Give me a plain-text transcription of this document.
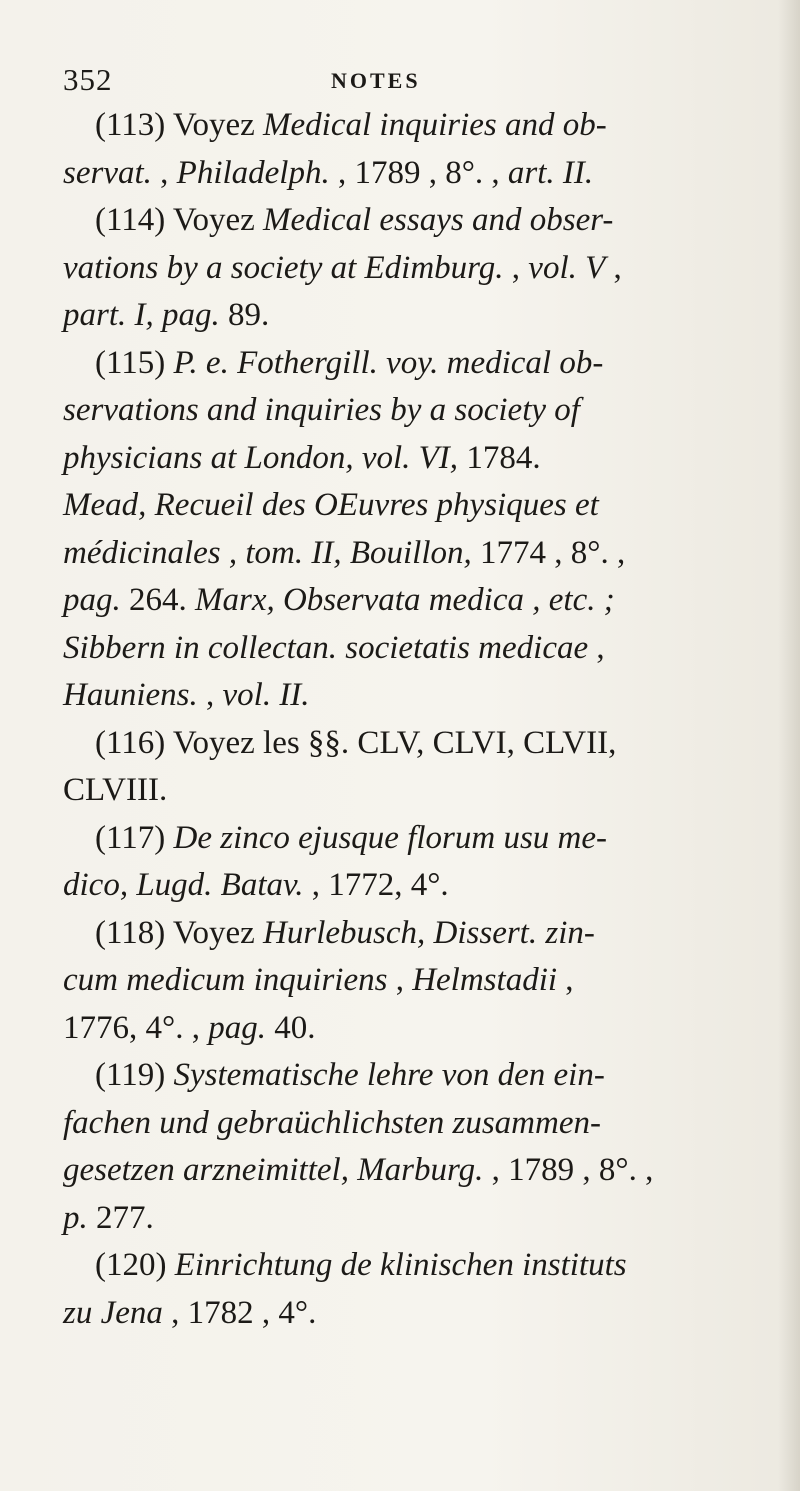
352	NOTES
(113) Voyez Medical inquiries and ob-
servat. , Philadelph. , 1789 , 8°. , art. II.
(114) Voyez Medical essays and obser-
vations by a society at Edimburg. , vol. V ,
part. I, pag. 89.
(115) P. e. Fothergill. voy. medical ob-
servations and inquiries by a society of
physicians at London, vol. VI, 1784.
Mead, Recueil des OEuvres physiques et
médicinales , tom. II, Bouillon, 1774 , 8°. ,
pag. 264. Marx, Observata medica , etc. ;
Sibbern in collectan. societatis medicae ,
Hauniens. , vol. II.
(116) Voyez les §§. CLV, CLVI, CLVII,
CLVIII.
(117) De zinco ejusque florum usu me-
dico, Lugd. Batav. , 1772, 4°.
(118) Voyez Hurlebusch, Dissert. zin-
cum medicum inquiriens , Helmstadii ,
1776, 4°. , pag. 40.
(119) Systematische lehre von den ein-
fachen und gebraüchlichsten zusammen-
gesetzen arzneimittel, Marburg. , 1789 , 8°. ,
p. 277.
(120) Einrichtung de klinischen instituts
zu Jena , 1782 , 4°.
